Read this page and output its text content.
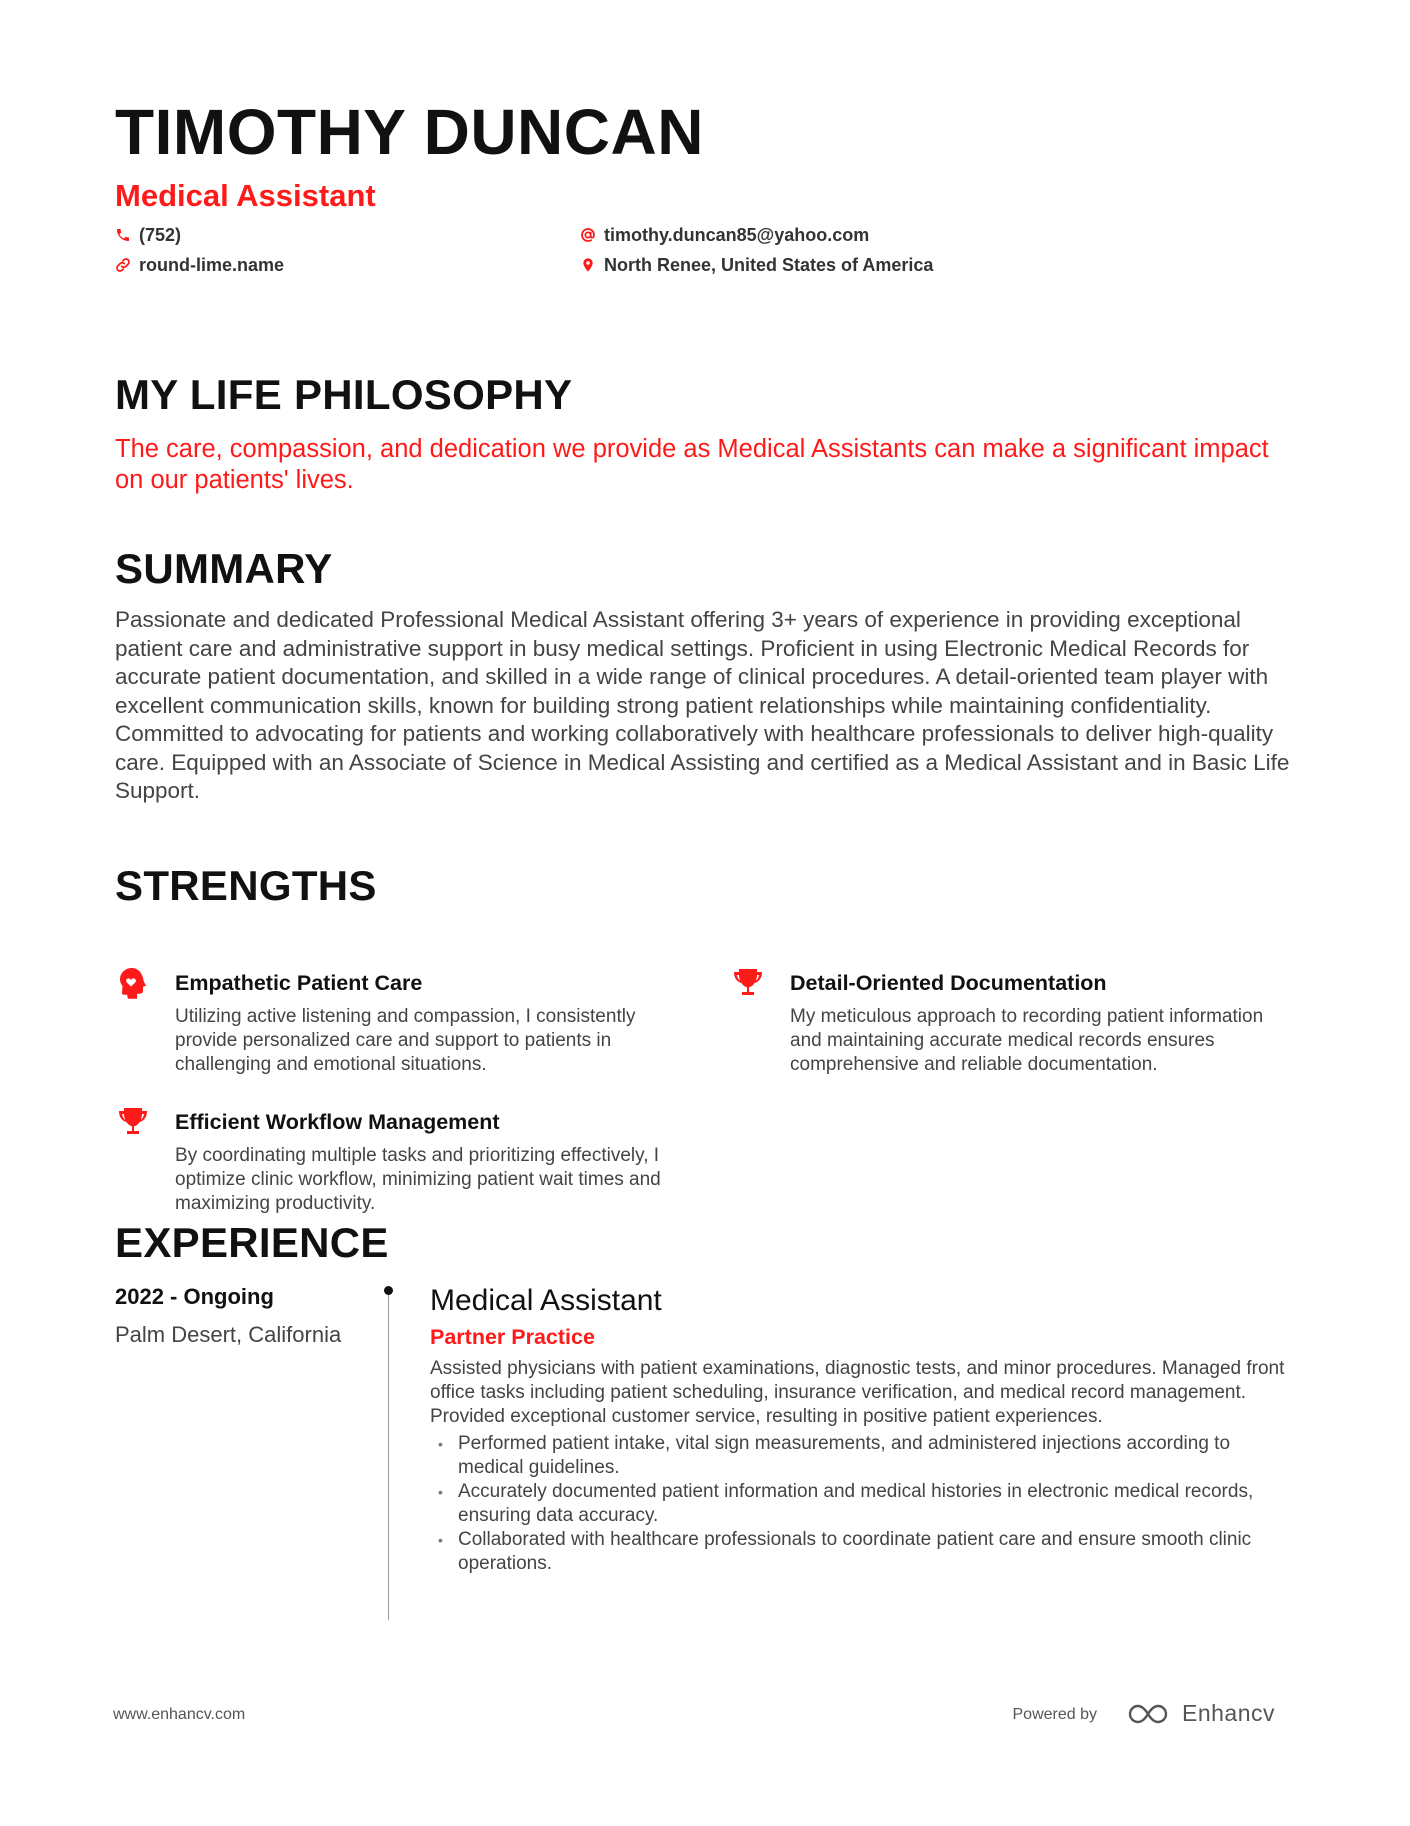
TIMOTHY DUNCAN
Medical Assistant
(752)	timothy.duncan85@yahoo.com
round-lime.name	North Renee, United States of America
MY LIFE PHILOSOPHY

The care, compassion, and dedication we provide as Medical Assistants can make a significant impact on our patients' lives.

SUMMARY

Passionate and dedicated Professional Medical Assistant offering 3+ years of experience in providing exceptional patient care and administrative support in busy medical settings. Proficient in using Electronic Medical Records for accurate patient documentation, and skilled in a wide range of clinical procedures. A detail-oriented team player with excellent communication skills, known for building strong patient relationships while maintaining confidentiality. Committed to advocating for patients and working collaboratively with healthcare professionals to deliver high-quality care. Equipped with an Associate of Science in Medical Assisting and certified as a Medical Assistant and in Basic Life Support.

STRENGTHS
Empathetic Patient Care
Utilizing active listening and compassion, I consistently provide personalized care and support to patients in challenging and emotional situations.
Detail-Oriented Documentation
My meticulous approach to recording patient information and maintaining accurate medical records ensures comprehensive and reliable documentation.
Efficient Workflow Management
By coordinating multiple tasks and prioritizing effectively, I optimize clinic workflow, minimizing patient wait times and maximizing productivity.
EXPERIENCE
2022 - Ongoing
Palm Desert, California
Medical Assistant
Partner Practice
Assisted physicians with patient examinations, diagnostic tests, and minor procedures. Managed front office tasks including patient scheduling, insurance verification, and medical record management. Provided exceptional customer service, resulting in positive patient experiences.
• Performed patient intake, vital sign measurements, and administered injections according to medical guidelines.
• Accurately documented patient information and medical histories in electronic medical records, ensuring data accuracy.
• Collaborated with healthcare professionals to coordinate patient care and ensure smooth clinic operations.
www.enhancv.com	Powered by	Enhancv
